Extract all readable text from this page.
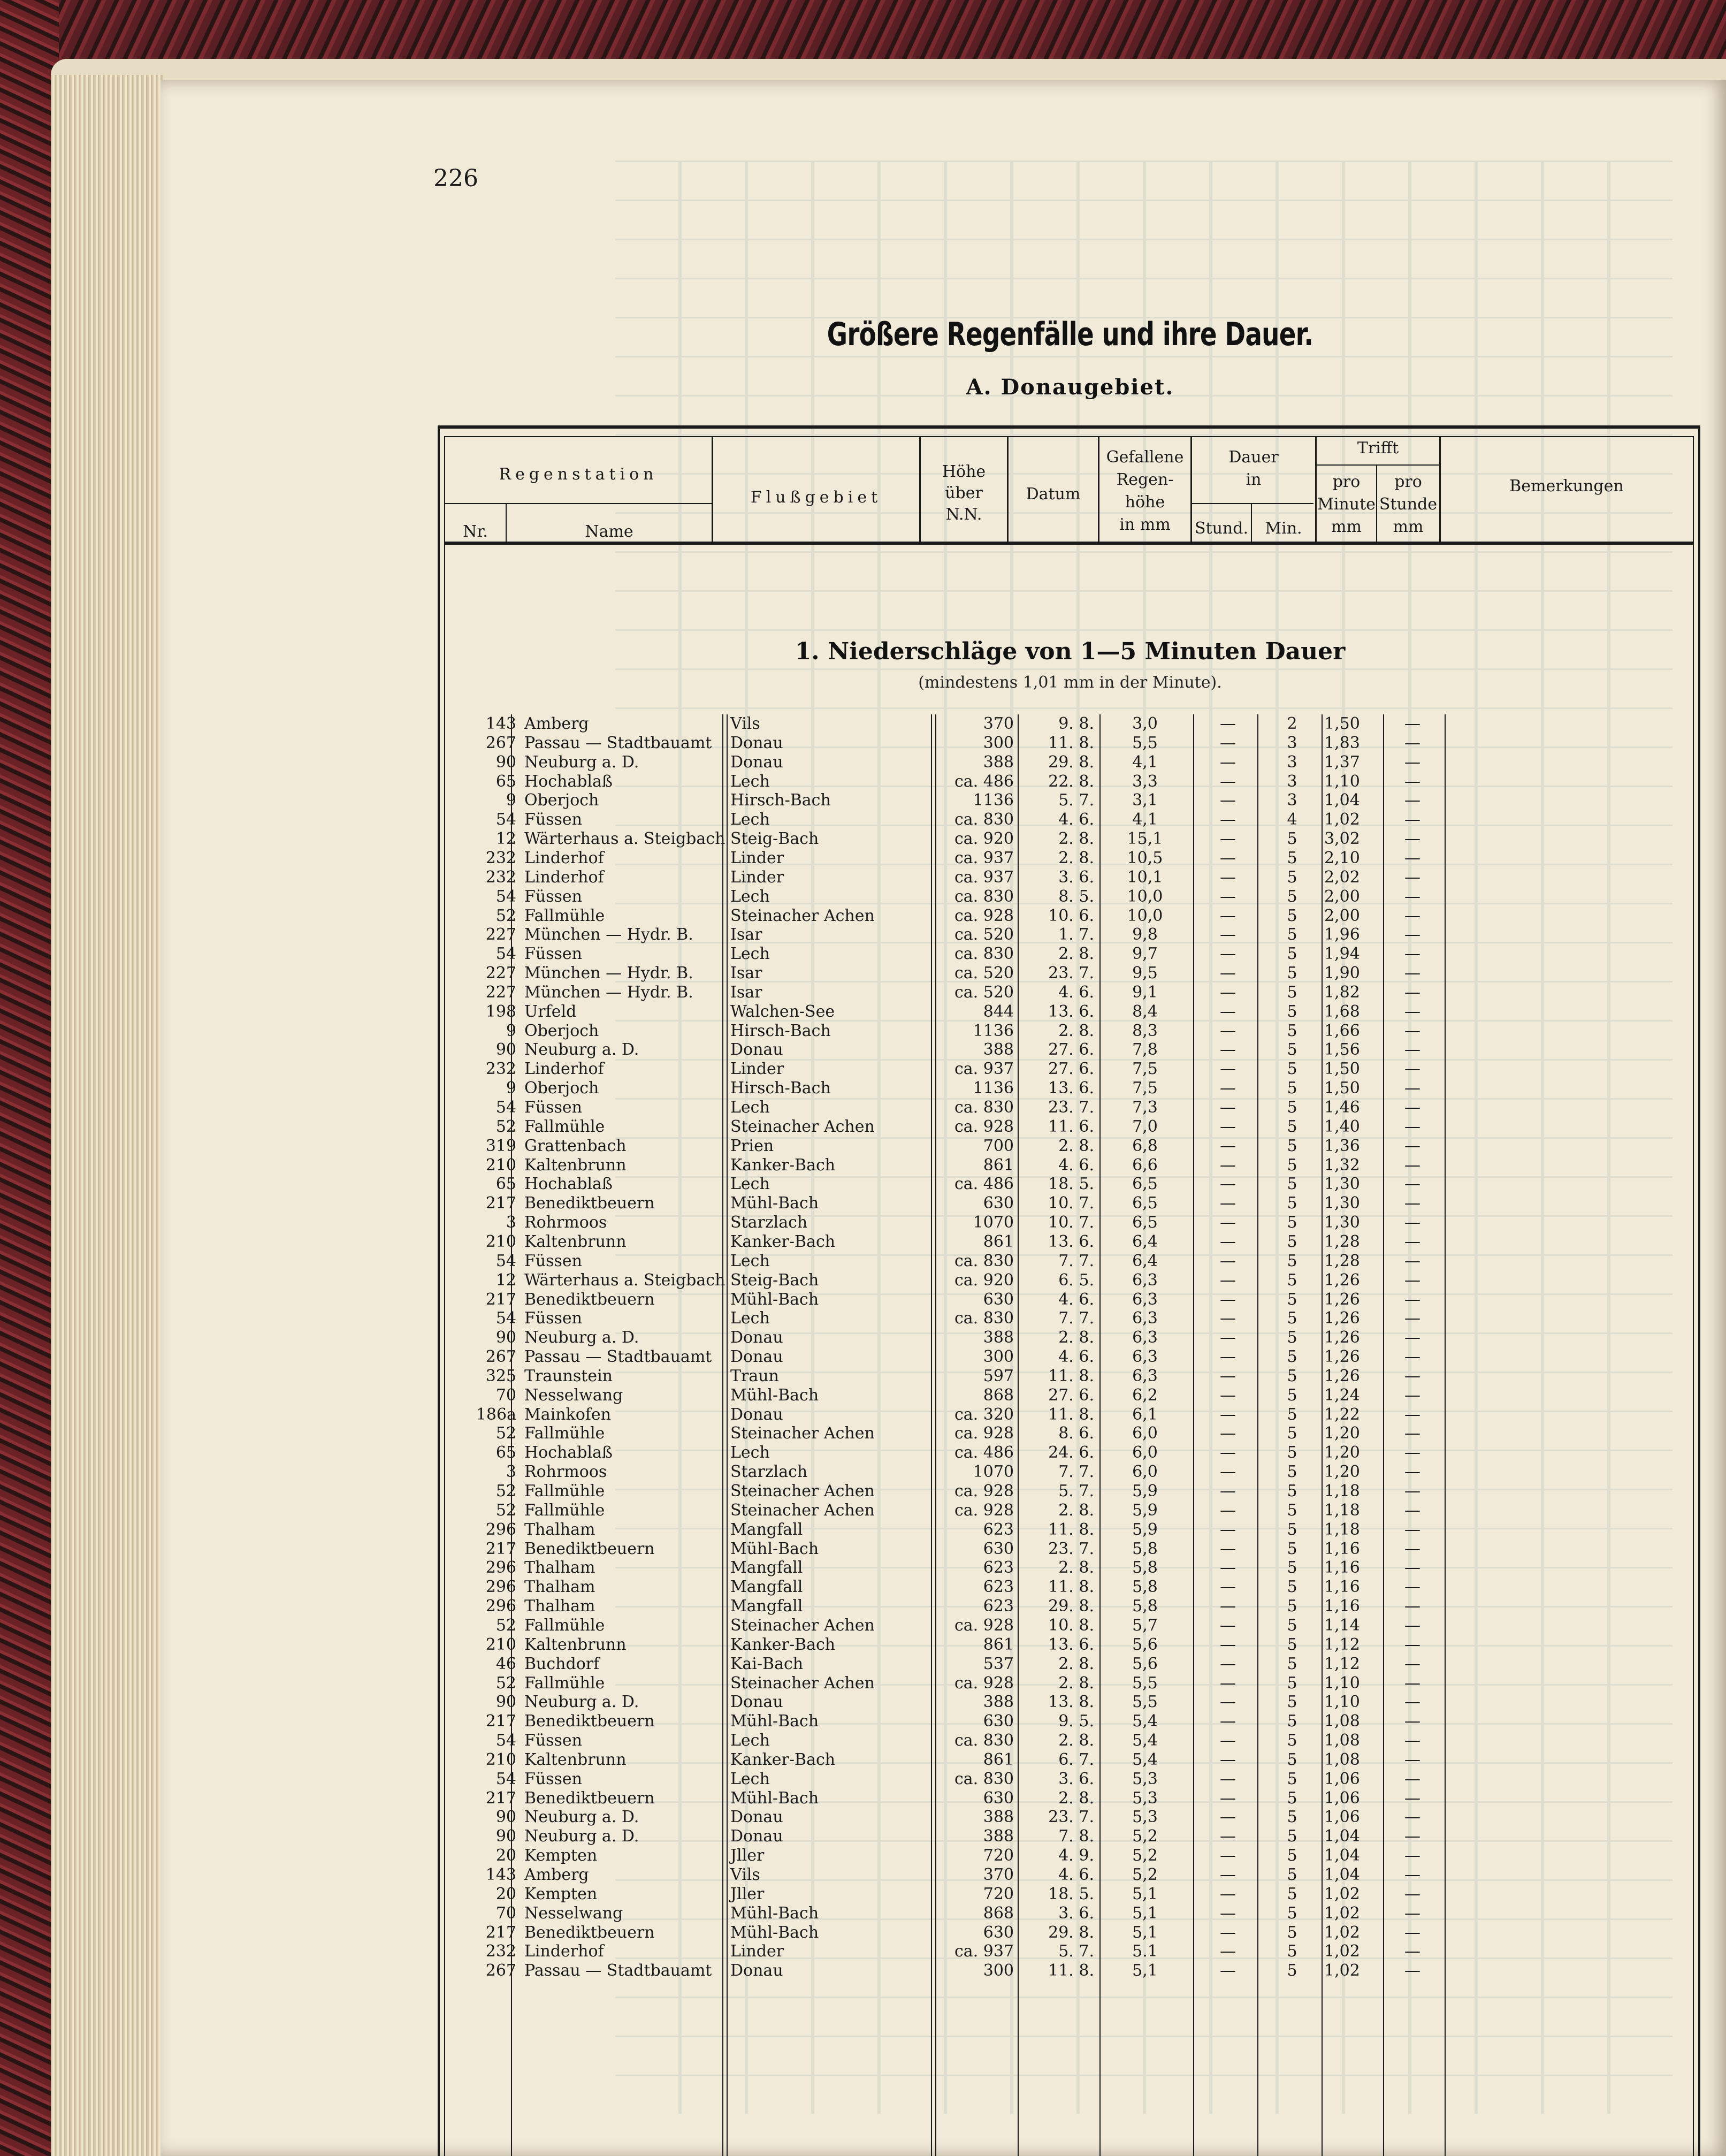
226
Größere Regenfälle und ihre Dauer.
A. Donaugebiet.
Regenstation
Nr.	Name
Flußgebiet
Höhe
über
N.N.
Datum
Gefallene
Regen-
höhe
in mm
Dauer
in
Stund.	Min.
Trifft
pro
Minute
mm
pro
Stunde
mm
Bemerkungen
1. Niederschläge von 1—5 Minuten Dauer
(mindestens 1,01 mm in der Minute).
143 Amberg	Vils	370	9. 8.	3,0	—	2	1,50	—
267 Passau — Stadtbauamt	Donau	300	11. 8.	5,5	—	3	1,83	—
90 Neuburg a. D.	Donau	388	29. 8.	4,1	—	3	1,37	—
65 Hochablaß	Lech	ca. 486	22. 8.	3,3	—	3	1,10	—
9 Oberjoch	Hirsch-Bach	1136	5. 7.	3,1	—	3	1,04	—
54 Füssen	Lech	ca. 830	4. 6.	4,1	—	4	1,02	—
12 Wärterhaus a. Steigbach Steig-Bach	ca. 920	2. 8.	15,1	—	5	3,02	—
232 Linderhof	Linder	ca. 937	2. 8.	10,5	—	5	2,10	—
232 Linderhof	Linder	ca. 937	3. 6.	10,1	—	5	2,02	—
54 Füssen	Lech	ca. 830	8. 5.	10,0	—	5	2,00	—
52 Fallmühle	Steinacher Achen	ca. 928	10. 6.	10,0	—	5	2,00	—
227 München — Hydr. B.	Isar	ca. 520	1. 7.	9,8	—	5	1,96	—
54 Füssen	Lech	ca. 830	2. 8.	9,7	—	5	1,94	—
227 München — Hydr. B.	Isar	ca. 520	23. 7.	9,5	—	5	1,90	—
227 München — Hydr. B.	Isar	ca. 520	4. 6.	9,1	—	5	1,82	—
198 Urfeld	Walchen-See	844	13. 6.	8,4	—	5	1,68	—
9 Oberjoch	Hirsch-Bach	1136	2. 8.	8,3	—	5	1,66	—
90 Neuburg a. D.	Donau	388	27. 6.	7,8	—	5	1,56	—
232 Linderhof	Linder	ca. 937	27. 6.	7,5	—	5	1,50	—
9 Oberjoch	Hirsch-Bach	1136	13. 6.	7,5	—	5	1,50	—
54 Füssen	Lech	ca. 830	23. 7.	7,3	—	5	1,46	—
52 Fallmühle	Steinacher Achen	ca. 928	11. 6.	7,0	—	5	1,40	—
319 Grattenbach	Prien	700	2. 8.	6,8	—	5	1,36	—
210 Kaltenbrunn	Kanker-Bach	861	4. 6.	6,6	—	5	1,32	—
65 Hochablaß	Lech	ca. 486	18. 5.	6,5	—	5	1,30	—
217 Benediktbeuern	Mühl-Bach	630	10. 7.	6,5	—	5	1,30	—
3 Rohrmoos	Starzlach	1070	10. 7.	6,5	—	5	1,30	—
210 Kaltenbrunn	Kanker-Bach	861	13. 6.	6,4	—	5	1,28	—
54 Füssen	Lech	ca. 830	7. 7.	6,4	—	5	1,28	—
12 Wärterhaus a. Steigbach Steig-Bach	ca. 920	6. 5.	6,3	—	5	1,26	—
217 Benediktbeuern	Mühl-Bach	630	4. 6.	6,3	—	5	1,26	—
54 Füssen	Lech	ca. 830	7. 7.	6,3	—	5	1,26	—
90 Neuburg a. D.	Donau	388	2. 8.	6,3	—	5	1,26	—
267 Passau — Stadtbauamt	Donau	300	4. 6.	6,3	—	5	1,26	—
325 Traunstein	Traun	597	11. 8.	6,3	—	5	1,26	—
70 Nesselwang	Mühl-Bach	868	27. 6.	6,2	—	5	1,24	—
186a Mainkofen	Donau	ca. 320	11. 8.	6,1	—	5	1,22	—
52 Fallmühle	Steinacher Achen	ca. 928	8. 6.	6,0	—	5	1,20	—
65 Hochablaß	Lech	ca. 486	24. 6.	6,0	—	5	1,20	—
3 Rohrmoos	Starzlach	1070	7. 7.	6,0	—	5	1,20	—
52 Fallmühle	Steinacher Achen	ca. 928	5. 7.	5,9	—	5	1,18	—
52 Fallmühle	Steinacher Achen	ca. 928	2. 8.	5,9	—	5	1,18	—
296 Thalham	Mangfall	623	11. 8.	5,9	—	5	1,18	—
217 Benediktbeuern	Mühl-Bach	630	23. 7.	5,8	—	5	1,16	—
296 Thalham	Mangfall	623	2. 8.	5,8	—	5	1,16	—
296 Thalham	Mangfall	623	11. 8.	5,8	—	5	1,16	—
296 Thalham	Mangfall	623	29. 8.	5,8	—	5	1,16	—
52 Fallmühle	Steinacher Achen	ca. 928	10. 8.	5,7	—	5	1,14	—
210 Kaltenbrunn	Kanker-Bach	861	13. 6.	5,6	—	5	1,12	—
46 Buchdorf	Kai-Bach	537	2. 8.	5,6	—	5	1,12	—
52 Fallmühle	Steinacher Achen	ca. 928	2. 8.	5,5	—	5	1,10	—
90 Neuburg a. D.	Donau	388	13. 8.	5,5	—	5	1,10	—
217 Benediktbeuern	Mühl-Bach	630	9. 5.	5,4	—	5	1,08	—
54 Füssen	Lech	ca. 830	2. 8.	5,4	—	5	1,08	—
210 Kaltenbrunn	Kanker-Bach	861	6. 7.	5,4	—	5	1,08	—
54 Füssen	Lech	ca. 830	3. 6.	5,3	—	5	1,06	—
217 Benediktbeuern	Mühl-Bach	630	2. 8.	5,3	—	5	1,06	—
90 Neuburg a. D.	Donau	388	23. 7.	5,3	—	5	1,06	—
90 Neuburg a. D.	Donau	388	7. 8.	5,2	—	5	1,04	—
20 Kempten	Jller	720	4. 9.	5,2	—	5	1,04	—
143 Amberg	Vils	370	4. 6.	5,2	—	5	1,04	—
20 Kempten	Jller	720	18. 5.	5,1	—	5	1,02	—
70 Nesselwang	Mühl-Bach	868	3. 6.	5,1	—	5	1,02	—
217 Benediktbeuern	Mühl-Bach	630	29. 8.	5,1	—	5	1,02	—
232 Linderhof	Linder	ca. 937	5. 7.	5.1	—	5	1,02	—
267 Passau — Stadtbauamt	Donau	300	11. 8.	5,1	—	5	1,02	—
